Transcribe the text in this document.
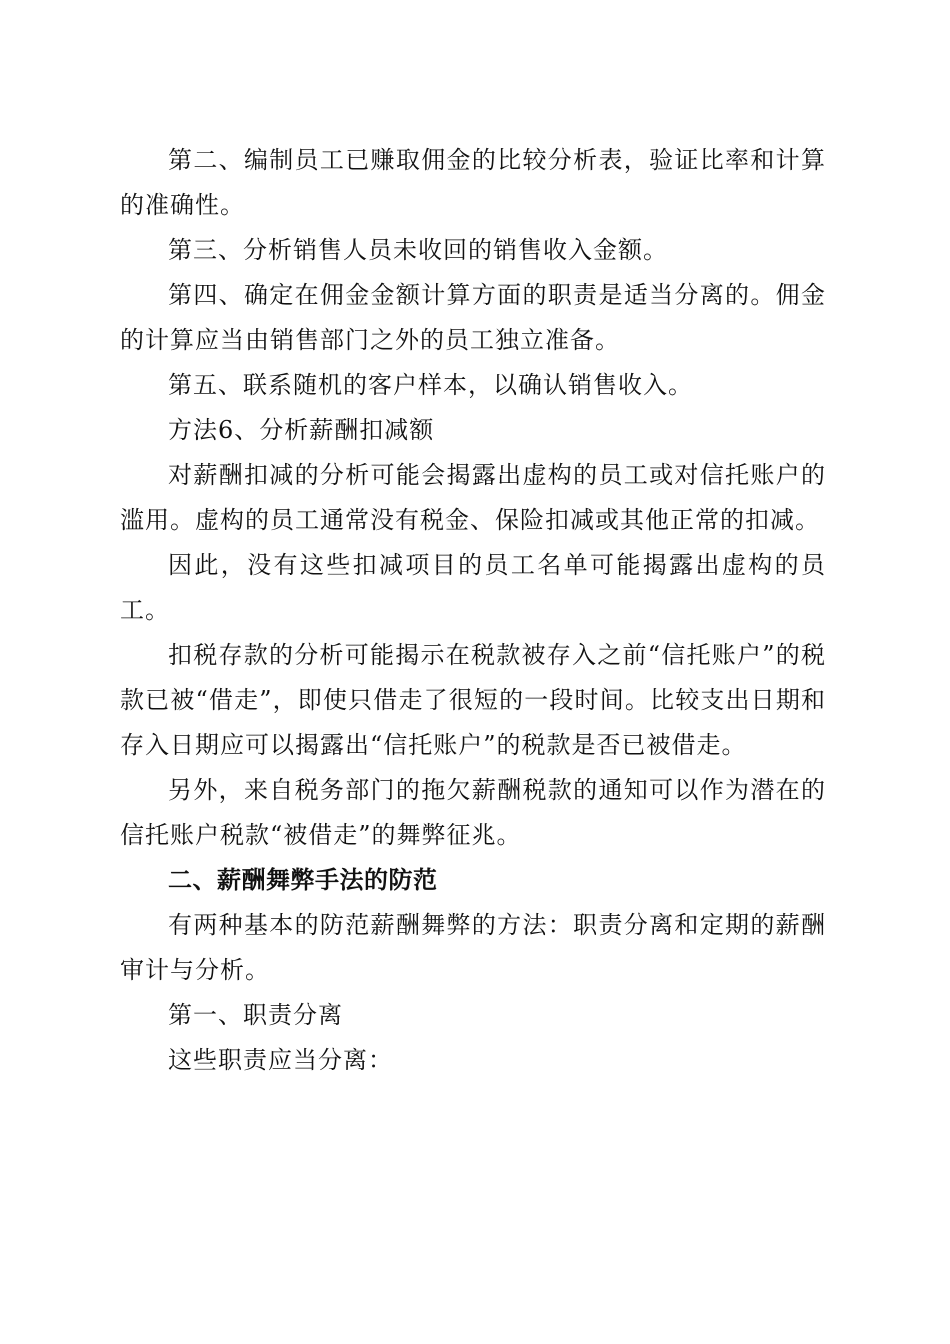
第二、编制员工已赚取佣金的比较分析表，验证比率和计算的准确性。

第三、分析销售人员未收回的销售收入金额。

第四、确定在佣金金额计算方面的职责是适当分离的。佣金的计算应当由销售部门之外的员工独立准备。

第五、联系随机的客户样本，以确认销售收入。

方法6、分析薪酬扣减额

对薪酬扣减的分析可能会揭露出虚构的员工或对信托账户的滥用。虚构的员工通常没有税金、保险扣减或其他正常的扣减。

因此，没有这些扣减项目的员工名单可能揭露出虚构的员工。

扣税存款的分析可能揭示在税款被存入之前“信托账户”的税款已被“借走”，即使只借走了很短的一段时间。比较支出日期和存入日期应可以揭露出“信托账户”的税款是否已被借走。

另外，来自税务部门的拖欠薪酬税款的通知可以作为潜在的信托账户税款“被借走”的舞弊征兆。

二、薪酬舞弊手法的防范

有两种基本的防范薪酬舞弊的方法：职责分离和定期的薪酬审计与分析。

第一、职责分离

这些职责应当分离：
